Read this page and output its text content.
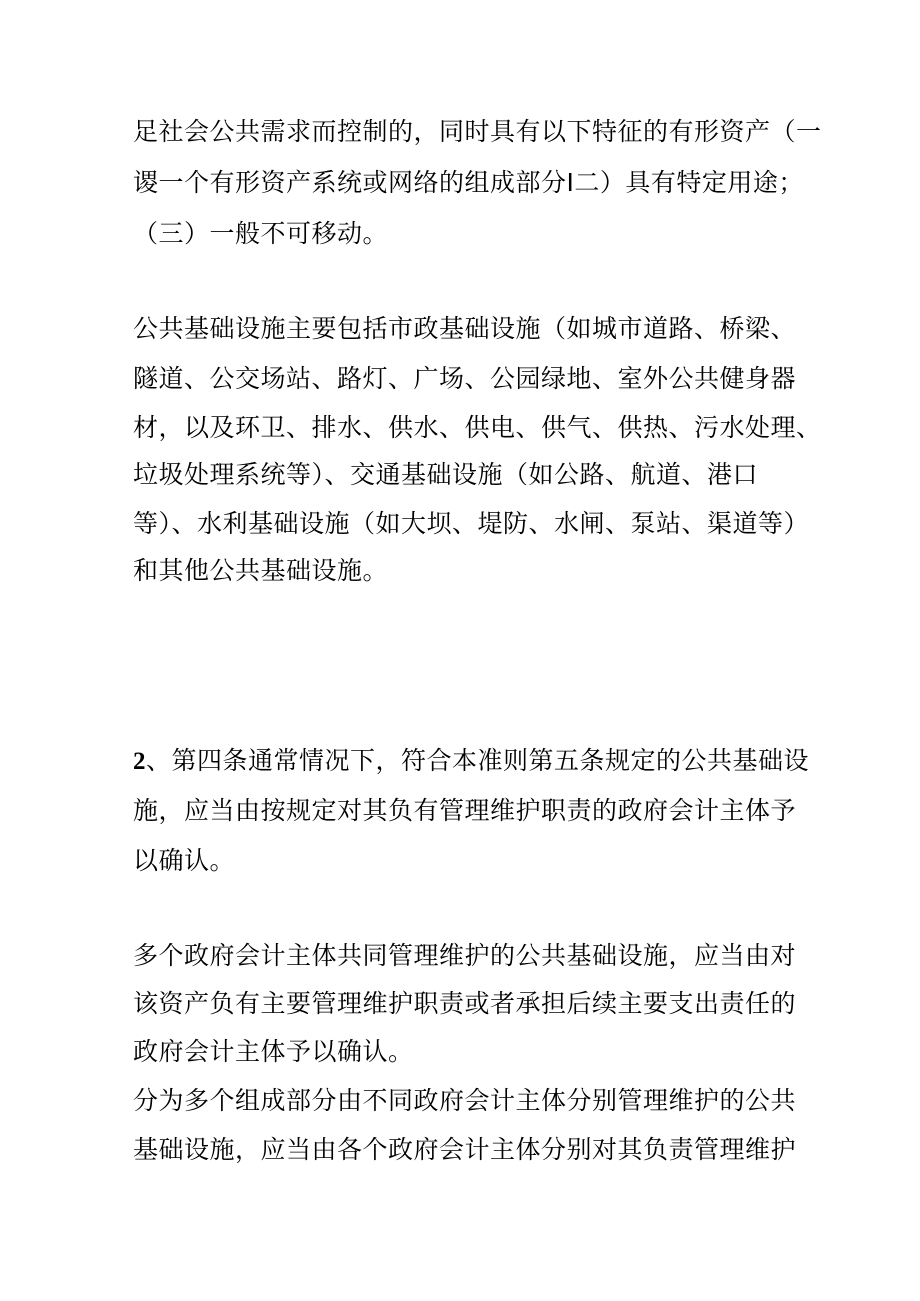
足社会公共需求而控制的，同时具有以下特征的有形资产（一
谡一个有形资产系统或网络的组成部分I二）具有特定用途；
（三）一般不可移动。
公共基础设施主要包括市政基础设施（如城市道路、桥梁、
隧道、公交场站、路灯、广场、公园绿地、室外公共健身器
材，以及环卫、排水、供水、供电、供气、供热、污水处理、
垃圾处理系统等）、交通基础设施（如公路、航道、港口
等）、水利基础设施（如大坝、堤防、水闸、泵站、渠道等）
和其他公共基础设施。
2、第四条通常情况下，符合本准则第五条规定的公共基础设
施，应当由按规定对其负有管理维护职责的政府会计主体予
以确认。
多个政府会计主体共同管理维护的公共基础设施，应当由对
该资产负有主要管理维护职责或者承担后续主要支出责任的
政府会计主体予以确认。
分为多个组成部分由不同政府会计主体分别管理维护的公共
基础设施，应当由各个政府会计主体分别对其负责管理维护
